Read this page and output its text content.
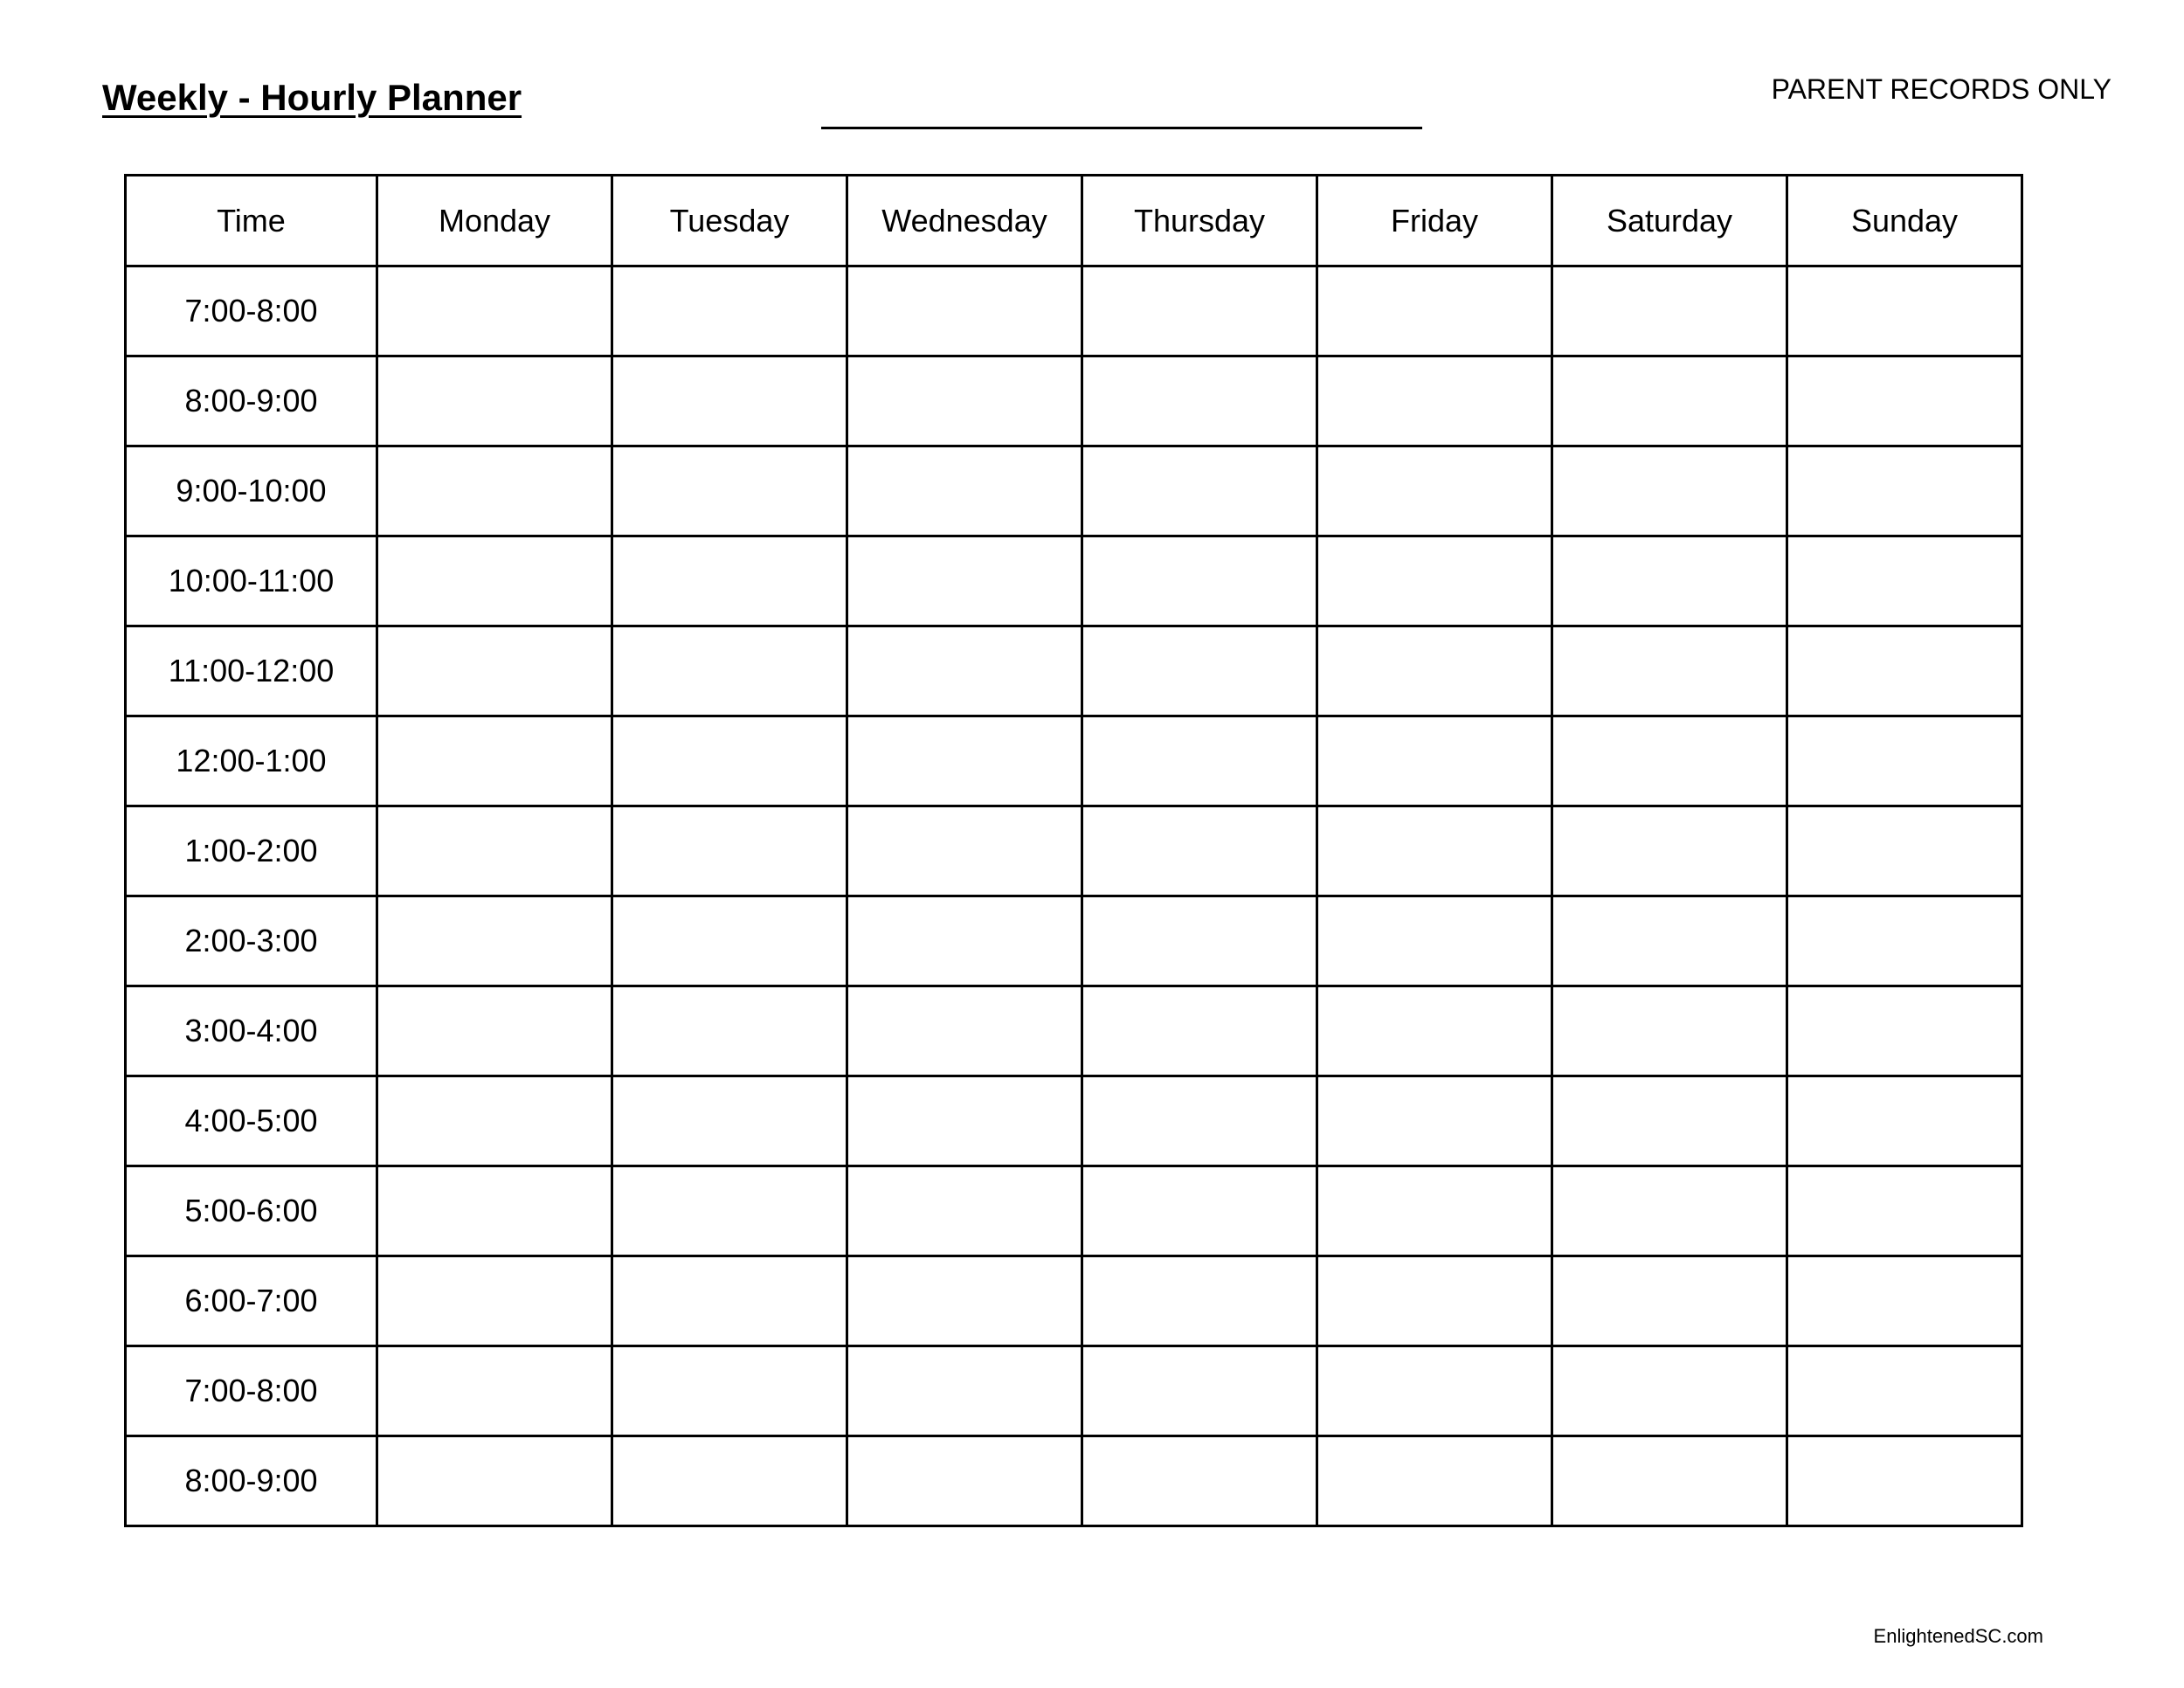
Weekly - Hourly Planner	PARENT RECORDS ONLY
Time	Monday	Tuesday	Wednesday	Thursday	Friday	Saturday	Sunday
7:00-8:00							
8:00-9:00							
9:00-10:00							
10:00-11:00							
11:00-12:00							
12:00-1:00							
1:00-2:00							
2:00-3:00							
3:00-4:00							
4:00-5:00							
5:00-6:00							
6:00-7:00							
7:00-8:00							
8:00-9:00							
EnlightenedSC.com
